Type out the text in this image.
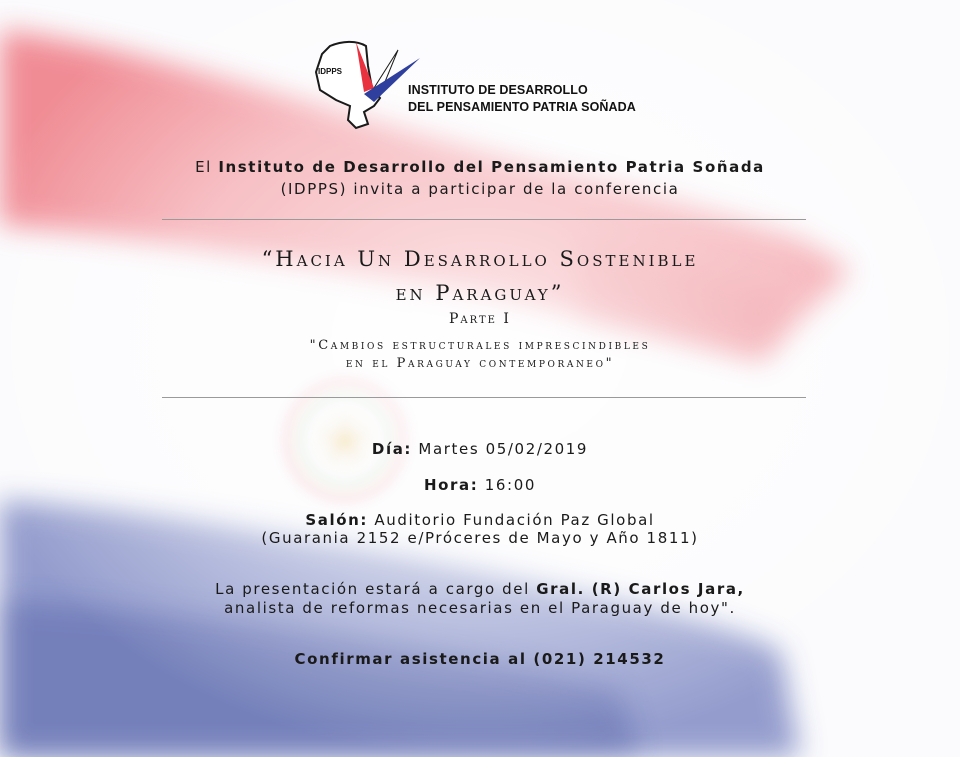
IDPPS
INSTITUTO DE DESARROLLO
DEL PENSAMIENTO PATRIA SOÑADA
El Instituto de Desarrollo del Pensamiento Patria Soñada
(IDPPS) invita a participar de la conferencia
“Hacia Un Desarrollo Sostenible
en Paraguay”
Parte I
"Cambios estructurales imprescindibles
en el Paraguay contemporaneo"
Día: Martes 05/02/2019
Hora: 16:00
Salón: Auditorio Fundación Paz Global
(Guarania 2152 e/Próceres de Mayo y Año 1811)
La presentación estará a cargo del Gral. (R) Carlos Jara,
analista de reformas necesarias en el Paraguay de hoy".
Confirmar asistencia al (021) 214532
